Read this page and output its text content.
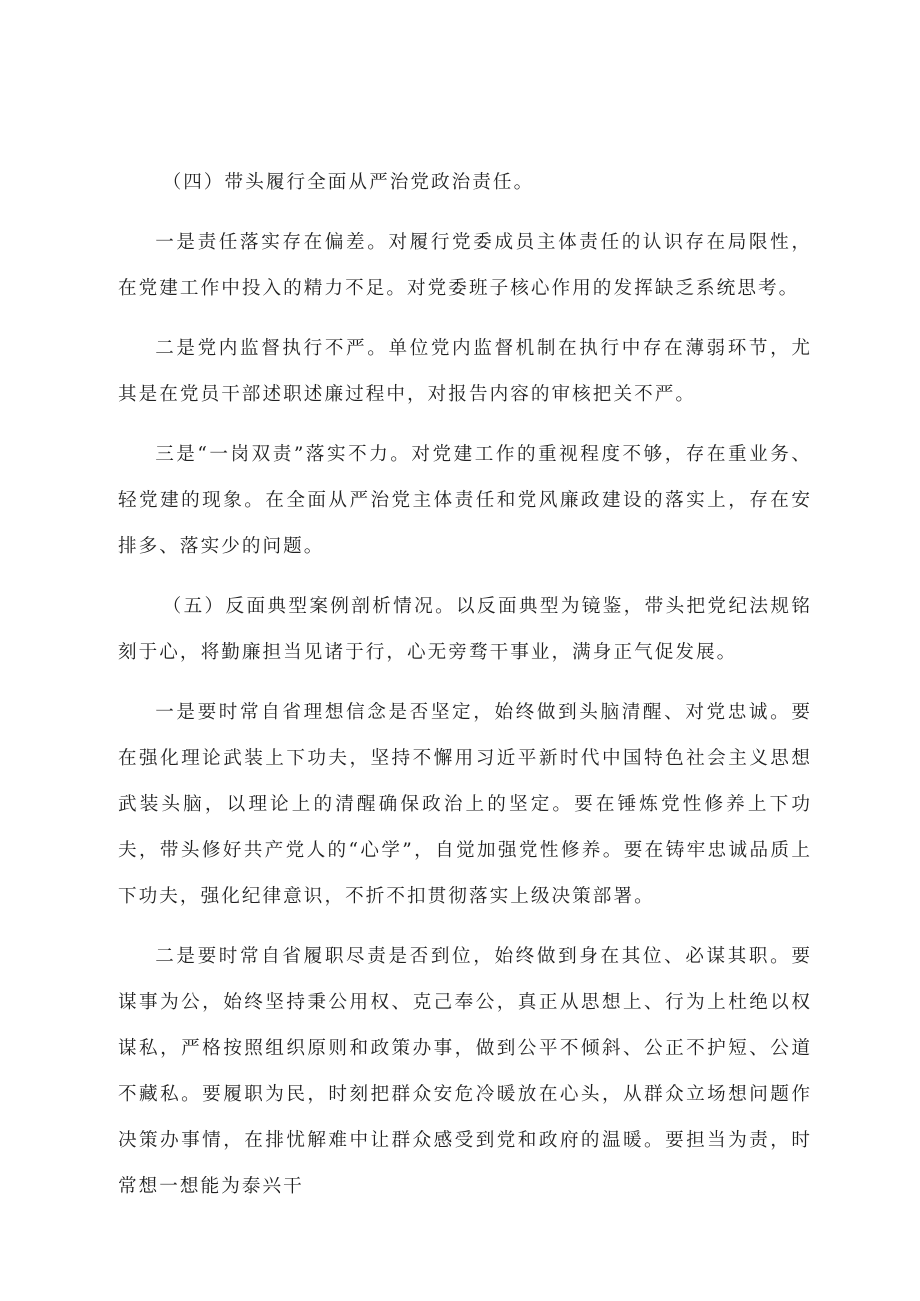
（四）带头履行全面从严治党政治责任。

一是责任落实存在偏差。对履行党委成员主体责任的认识存在局限性，在党建工作中投入的精力不足。对党委班子核心作用的发挥缺乏系统思考。

二是党内监督执行不严。单位党内监督机制在执行中存在薄弱环节，尤其是在党员干部述职述廉过程中，对报告内容的审核把关不严。

三是“一岗双责”落实不力。对党建工作的重视程度不够，存在重业务、轻党建的现象。在全面从严治党主体责任和党风廉政建设的落实上，存在安排多、落实少的问题。

（五）反面典型案例剖析情况。以反面典型为镜鉴，带头把党纪法规铭刻于心，将勤廉担当见诸于行，心无旁骛干事业，满身正气促发展。

一是要时常自省理想信念是否坚定，始终做到头脑清醒、对党忠诚。要在强化理论武装上下功夫，坚持不懈用习近平新时代中国特色社会主义思想武装头脑，以理论上的清醒确保政治上的坚定。要在锤炼党性修养上下功夫，带头修好共产党人的“心学”，自觉加强党性修养。要在铸牢忠诚品质上下功夫，强化纪律意识，不折不扣贯彻落实上级决策部署。

二是要时常自省履职尽责是否到位，始终做到身在其位、必谋其职。要谋事为公，始终坚持秉公用权、克己奉公，真正从思想上、行为上杜绝以权谋私，严格按照组织原则和政策办事，做到公平不倾斜、公正不护短、公道不藏私。要履职为民，时刻把群众安危冷暖放在心头，从群众立场想问题作决策办事情，在排忧解难中让群众感受到党和政府的温暖。要担当为责，时常想一想能为泰兴干
